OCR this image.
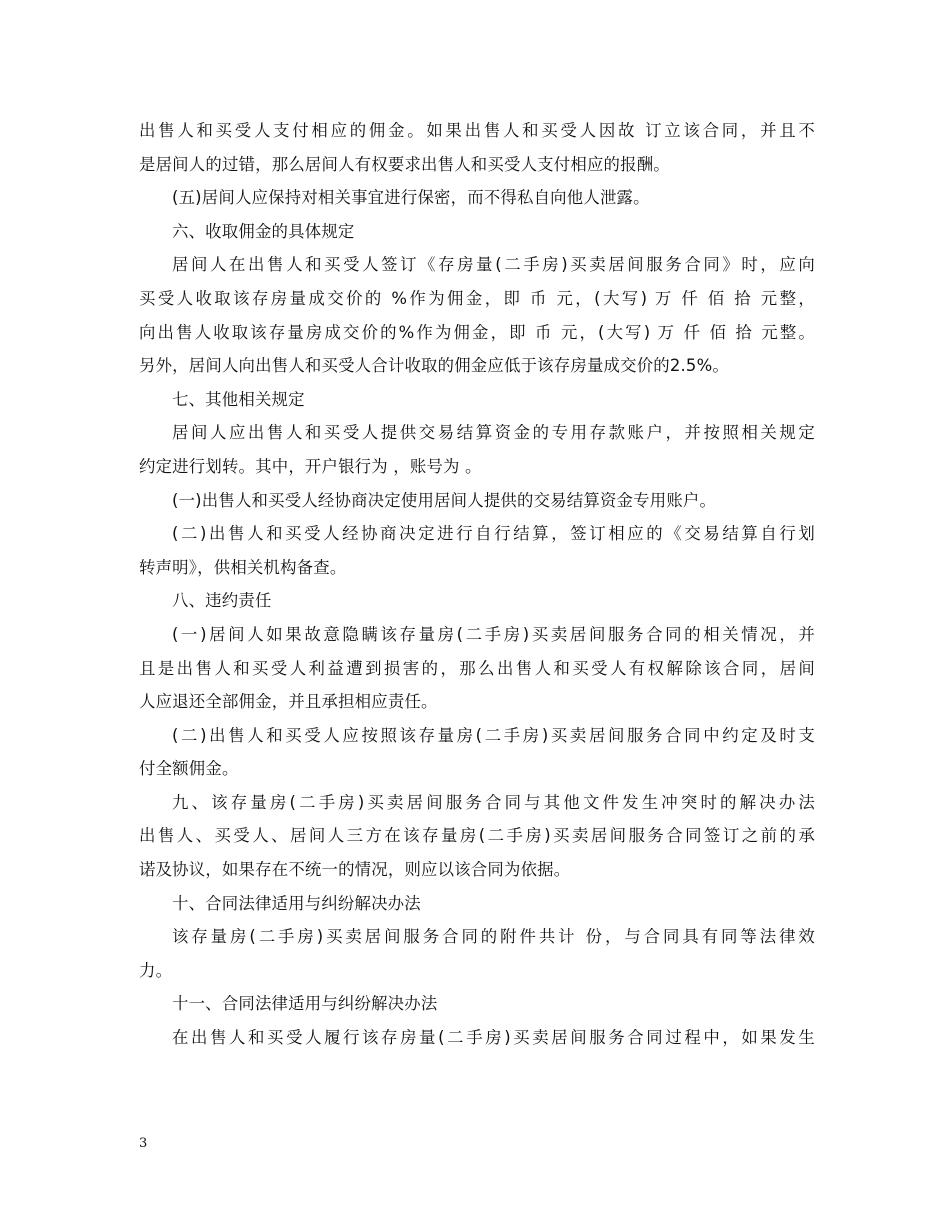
出售人和买受人支付相应的佣金。如果出售人和买受人因故 订立该合同，并且不
是居间人的过错，那么居间人有权要求出售人和买受人支付相应的报酬。
(五)居间人应保持对相关事宜进行保密，而不得私自向他人泄露。
六、收取佣金的具体规定
居间人在出售人和买受人签订《存房量(二手房)买卖居间服务合同》时，应向
买受人收取该存房量成交价的 %作为佣金，即 币 元，(大写) 万 仟 佰 拾 元整，
向出售人收取该存量房成交价的%作为佣金，即 币 元，(大写) 万 仟 佰 拾 元整。
另外，居间人向出售人和买受人合计收取的佣金应低于该存房量成交价的2.5%。
七、其他相关规定
居间人应出售人和买受人提供交易结算资金的专用存款账户，并按照相关规定
约定进行划转。其中，开户银行为 ，账号为 。
(一)出售人和买受人经协商决定使用居间人提供的交易结算资金专用账户。
(二)出售人和买受人经协商决定进行自行结算，签订相应的《交易结算自行划
转声明》，供相关机构备查。
八、违约责任
(一)居间人如果故意隐瞒该存量房(二手房)买卖居间服务合同的相关情况，并
且是出售人和买受人利益遭到损害的，那么出售人和买受人有权解除该合同，居间
人应退还全部佣金，并且承担相应责任。
(二)出售人和买受人应按照该存量房(二手房)买卖居间服务合同中约定及时支
付全额佣金。
九、该存量房(二手房)买卖居间服务合同与其他文件发生冲突时的解决办法
出售人、买受人、居间人三方在该存量房(二手房)买卖居间服务合同签订之前的承
诺及协议，如果存在不统一的情况，则应以该合同为依据。
十、合同法律适用与纠纷解决办法
该存量房(二手房)买卖居间服务合同的附件共计 份，与合同具有同等法律效
力。
十一、合同法律适用与纠纷解决办法
在出售人和买受人履行该存房量(二手房)买卖居间服务合同过程中，如果发生
3
